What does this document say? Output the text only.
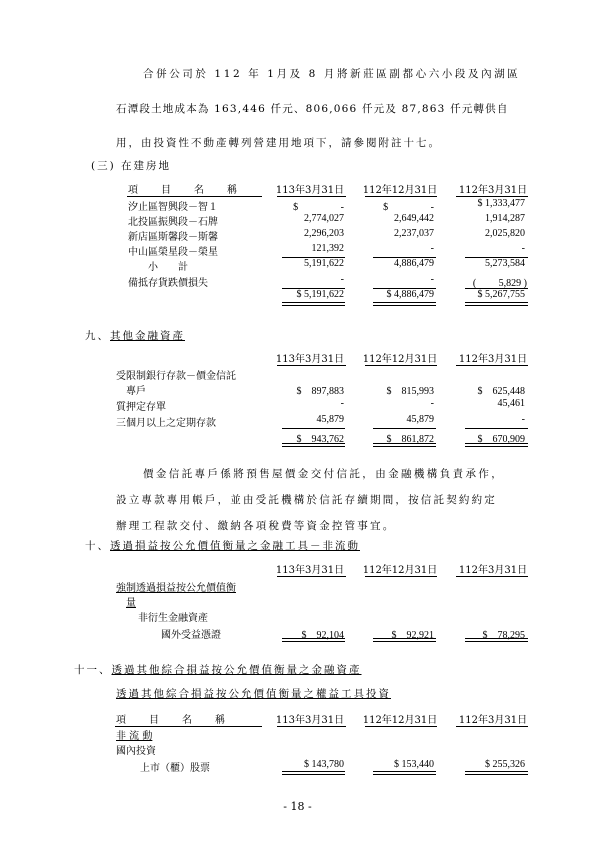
合併公司於 112 年 1月及 8 月將新莊區副都心六小段及內湖區
石潭段土地成本為 163,446 仟元、806,066 仟元及 87,863 仟元轉供自
用，由投資性不動產轉列營建用地項下，請參閱附註十七。
(三) 在建房地
項　　目　　名　　稱	113年3月31日	112年12月31日	112年3月31日
汐止區智興段－智１	$　　　　 -	$　　　　 -	$ 1,333,477
北投區振興段－石牌	2,774,027	2,649,442	1,914,287
新店區斯馨段－斯馨	2,296,203	2,237,037	2,025,820
中山區榮星段－榮星	121,392	-	-
　　小　　計	5,191,622	4,886,479	5,273,584
備抵存貨跌價損失	-	-	(　　 5,829 )
$ 5,191,622	$ 4,886,479	$ 5,267,755
九、其他金融資產
113年3月31日	112年12月31日	112年3月31日
受限制銀行存款－價金信託
　專戶	$　897,883	$　815,993	$　625,448
質押定存單	-	-	45,461
三個月以上之定期存款	45,879	45,879	-
$　943,762	$　861,872	$　670,909
價金信託專戶係將預售屋價金交付信託，由金融機構負責承作，
設立專款專用帳戶，並由受託機構於信託存續期間，按信託契約約定
辦理工程款交付、繳納各項稅費等資金控管事宜。
十、透過損益按公允價值衡量之金融工具－非流動
113年3月31日	112年12月31日	112年3月31日
強制透過損益按公允價值衡
量
非衍生金融資產
國外受益憑證	$　92,104	$　92,921	$　78,295
十一、透過其他綜合損益按公允價值衡量之金融資產
透過其他綜合損益按公允價值衡量之權益工具投資
項　　目　　名　　稱	113年3月31日	112年12月31日	112年3月31日
非 流 動
國內投資
上市（櫃）股票	$ 143,780	$ 153,440	$ 255,326
- 18 -
